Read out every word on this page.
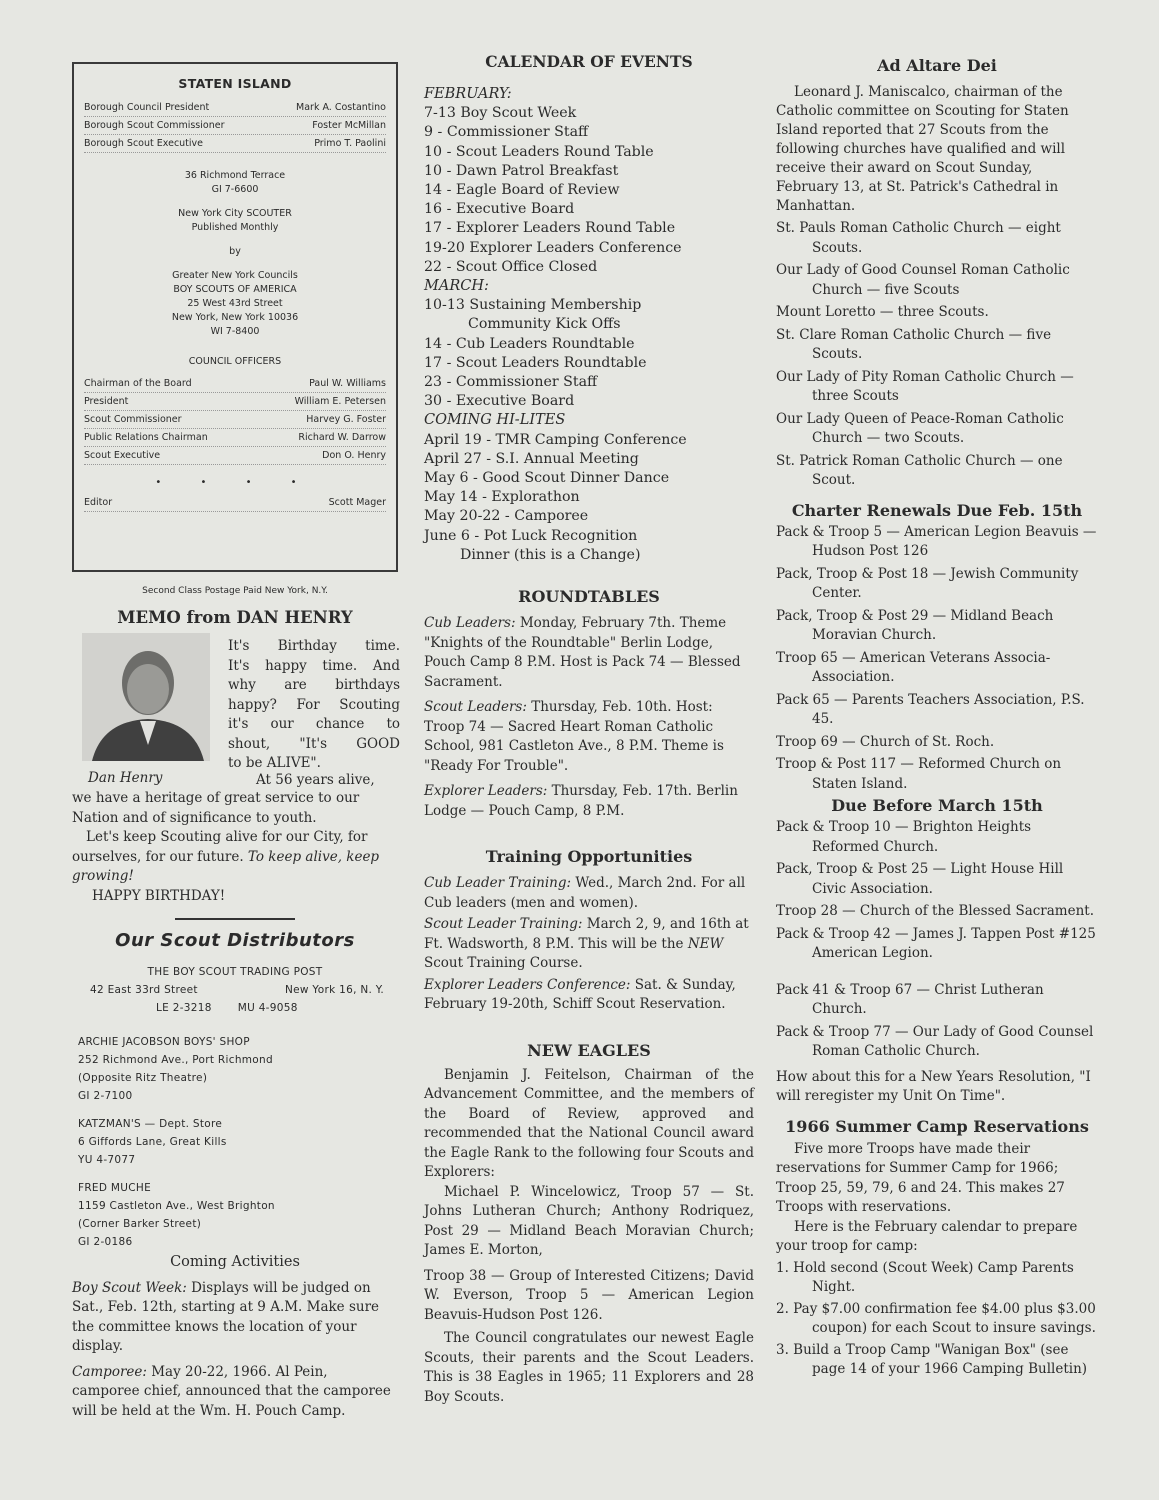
STATEN ISLAND
Borough Council President	Mark A. Costantino
Borough Scout Commissioner	Foster McMillan
Borough Scout Executive	Primo T. Paolini
36 Richmond Terrace
GI 7-6600
New York City SCOUTER
Published Monthly
by
Greater New York Councils
BOY SCOUTS OF AMERICA
25 West 43rd Street
New York, New York 10036
WI 7-8400
COUNCIL OFFICERS
Chairman of the Board	Paul W. Williams
President	William E. Petersen
Scout Commissioner	Harvey G. Foster
Public Relations Chairman	Richard W. Darrow
Scout Executive	Don O. Henry
• • • •
Editor	Scott Mager
Second Class Postage Paid New York, N.Y.

MEMO from DAN HENRY

It's Birthday time.
It's happy time. And
why are birthdays
happy? For Scouting
it's our chance to
shout, "It's GOOD
to be ALIVE".
Dan Henry	At 56 years alive,

we have a heritage of great service to our Nation and of significance to youth.

Let's keep Scouting alive for our City, for ourselves, for our future. To keep alive, keep growing!

HAPPY BIRTHDAY!

Our Scout Distributors
THE BOY SCOUT TRADING POST
42 East 33rd Street	New York 16, N. Y.
LE 2-3218 MU 4-9058
ARCHIE JACOBSON BOYS' SHOP
252 Richmond Ave., Port Richmond
(Opposite Ritz Theatre)
GI 2-7100
KATZMAN'S — Dept. Store
6 Giffords Lane, Great Kills
YU 4-7077
FRED MUCHE
1159 Castleton Ave., West Brighton
(Corner Barker Street)
GI 2-0186

Coming Activities

Boy Scout Week: Displays will be judged on Sat., Feb. 12th, starting at 9 A.M. Make sure the committee knows the location of your display.

Camporee: May 20-22, 1966. Al Pein, camporee chief, announced that the camporee will be held at the Wm. H. Pouch Camp.

CALENDAR OF EVENTS

FEBRUARY:
7-13 Boy Scout Week
9 - Commissioner Staff
10 - Scout Leaders Round Table
10 - Dawn Patrol Breakfast
14 - Eagle Board of Review
16 - Executive Board
17 - Explorer Leaders Round Table
19-20 Explorer Leaders Conference
22 - Scout Office Closed
MARCH:
10-13 Sustaining Membership
Community Kick Offs
14 - Cub Leaders Roundtable
17 - Scout Leaders Roundtable
23 - Commissioner Staff
30 - Executive Board
COMING HI-LITES
April 19 - TMR Camping Conference
April 27 - S.I. Annual Meeting
May 6 - Good Scout Dinner Dance
May 14 - Explorathon
May 20-22 - Camporee
June 6 - Pot Luck Recognition
Dinner (this is a Change)

ROUNDTABLES

Cub Leaders: Monday, February 7th. Theme "Knights of the Roundtable" Berlin Lodge, Pouch Camp 8 P.M. Host is Pack 74 — Blessed Sacrament.

Scout Leaders: Thursday, Feb. 10th. Host: Troop 74 — Sacred Heart Roman Catholic School, 981 Castleton Ave., 8 P.M. Theme is "Ready For Trouble".

Explorer Leaders: Thursday, Feb. 17th. Berlin Lodge — Pouch Camp, 8 P.M.

Training Opportunities

Cub Leader Training: Wed., March 2nd. For all Cub leaders (men and women).

Scout Leader Training: March 2, 9, and 16th at Ft. Wadsworth, 8 P.M. This will be the NEW Scout Training Course.

Explorer Leaders Conference: Sat. & Sunday, February 19-20th, Schiff Scout Reservation.

NEW EAGLES

Benjamin J. Feitelson, Chairman of the Advancement Committee, and the members of the Board of Review, approved and recommended that the National Council award the Eagle Rank to the following four Scouts and Explorers:

Michael P. Wincelowicz, Troop 57 — St. Johns Lutheran Church; Anthony Rodriquez, Post 29 — Midland Beach Moravian Church; James E. Morton,

Troop 38 — Group of Interested Citizens; David W. Everson, Troop 5 — American Legion Beavuis-Hudson Post 126.

The Council congratulates our newest Eagle Scouts, their parents and the Scout Leaders. This is 38 Eagles in 1965; 11 Explorers and 28 Boy Scouts.

Ad Altare Dei

Leonard J. Maniscalco, chairman of the Catholic committee on Scouting for Staten Island reported that 27 Scouts from the following churches have qualified and will receive their award on Scout Sunday, February 13, at St. Patrick's Cathedral in Manhattan.

St. Pauls Roman Catholic Church — eight Scouts.

Our Lady of Good Counsel Roman Catholic Church — five Scouts

Mount Loretto — three Scouts.

St. Clare Roman Catholic Church — five Scouts.

Our Lady of Pity Roman Catholic Church — three Scouts

Our Lady Queen of Peace-Roman Catholic Church — two Scouts.

St. Patrick Roman Catholic Church — one Scout.

Charter Renewals Due Feb. 15th

Pack & Troop 5 — American Legion Beavuis — Hudson Post 126

Pack, Troop & Post 18 — Jewish Community Center.

Pack, Troop & Post 29 — Midland Beach Moravian Church.

Troop 65 — American Veterans Associa-Association.

Pack 65 — Parents Teachers Association, P.S. 45.

Troop 69 — Church of St. Roch.

Troop & Post 117 — Reformed Church on Staten Island.

Due Before March 15th

Pack & Troop 10 — Brighton Heights Reformed Church.

Pack, Troop & Post 25 — Light House Hill Civic Association.

Troop 28 — Church of the Blessed Sacrament.

Pack & Troop 42 — James J. Tappen Post #125 American Legion.

Pack 41 & Troop 67 — Christ Lutheran Church.

Pack & Troop 77 — Our Lady of Good Counsel Roman Catholic Church.

How about this for a New Years Resolution, "I will reregister my Unit On Time".

1966 Summer Camp Reservations

Five more Troops have made their reservations for Summer Camp for 1966; Troop 25, 59, 79, 6 and 24. This makes 27 Troops with reservations.

Here is the February calendar to prepare your troop for camp:

1. Hold second (Scout Week) Camp Parents Night.

2. Pay $7.00 confirmation fee $4.00 plus $3.00 coupon) for each Scout to insure savings.

3. Build a Troop Camp "Wanigan Box" (see page 14 of your 1966 Camping Bulletin)
